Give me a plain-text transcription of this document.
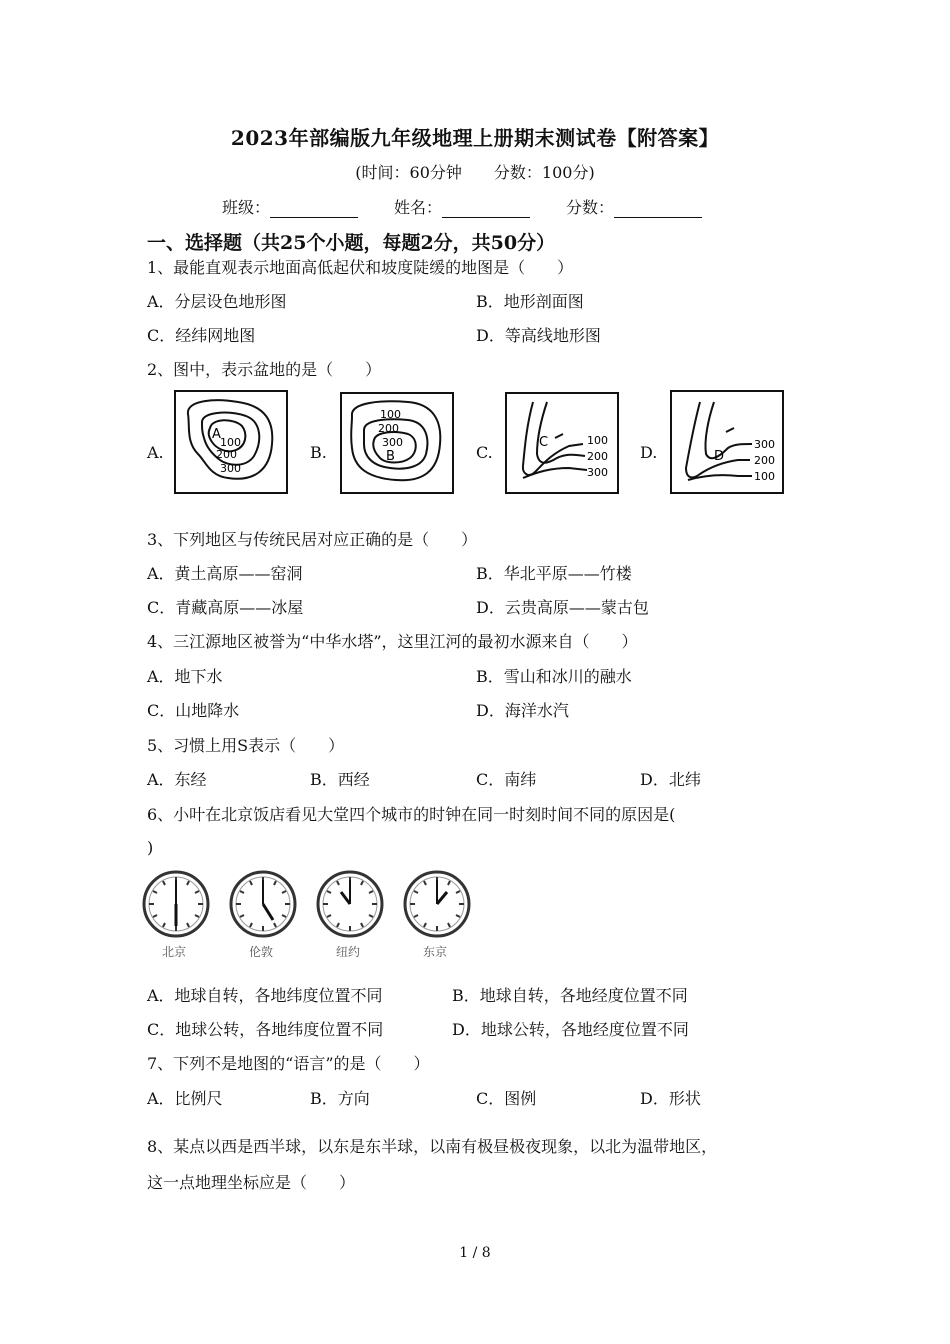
2023年部编版九年级地理上册期末测试卷【附答案】
(时间：60分钟　　分数：100分)
班级：	姓名：	分数：
一、选择题（共25个小题，每题2分，共50分）
1、最能直观表示地面高低起伏和坡度陡缓的地图是（　　）
A．分层设色地形图	B．地形剖面图
C．经纬网地图	D．等高线地形图
2、图中，表示盆地的是（　　）
A.	B.	C.	D.
A
100
200
300
100
200
300
B
C	100
200
300
D
300
200
100
3、下列地区与传统民居对应正确的是（　　）
A．黄土高原——窑洞	B．华北平原——竹楼
C．青藏高原——冰屋	D．云贵高原——蒙古包
4、三江源地区被誉为“中华水塔”，这里江河的最初水源来自（　　）
A．地下水	B．雪山和冰川的融水
C．山地降水	D．海洋水汽
5、习惯上用S表示（　　）
A．东经	B．西经	C．南纬	D．北纬
6、小叶在北京饭店看见大堂四个城市的时钟在同一时刻时间不同的原因是(
)
北京	伦敦	纽约	东京
A．地球自转，各地纬度位置不同	B．地球自转，各地经度位置不同
C．地球公转，各地纬度位置不同	D．地球公转，各地经度位置不同
7、下列不是地图的“语言”的是（　　）
A．比例尺	B．方向	C．图例	D．形状
8、某点以西是西半球，以东是东半球，以南有极昼极夜现象，以北为温带地区，
这一点地理坐标应是（　　）
1 / 8
